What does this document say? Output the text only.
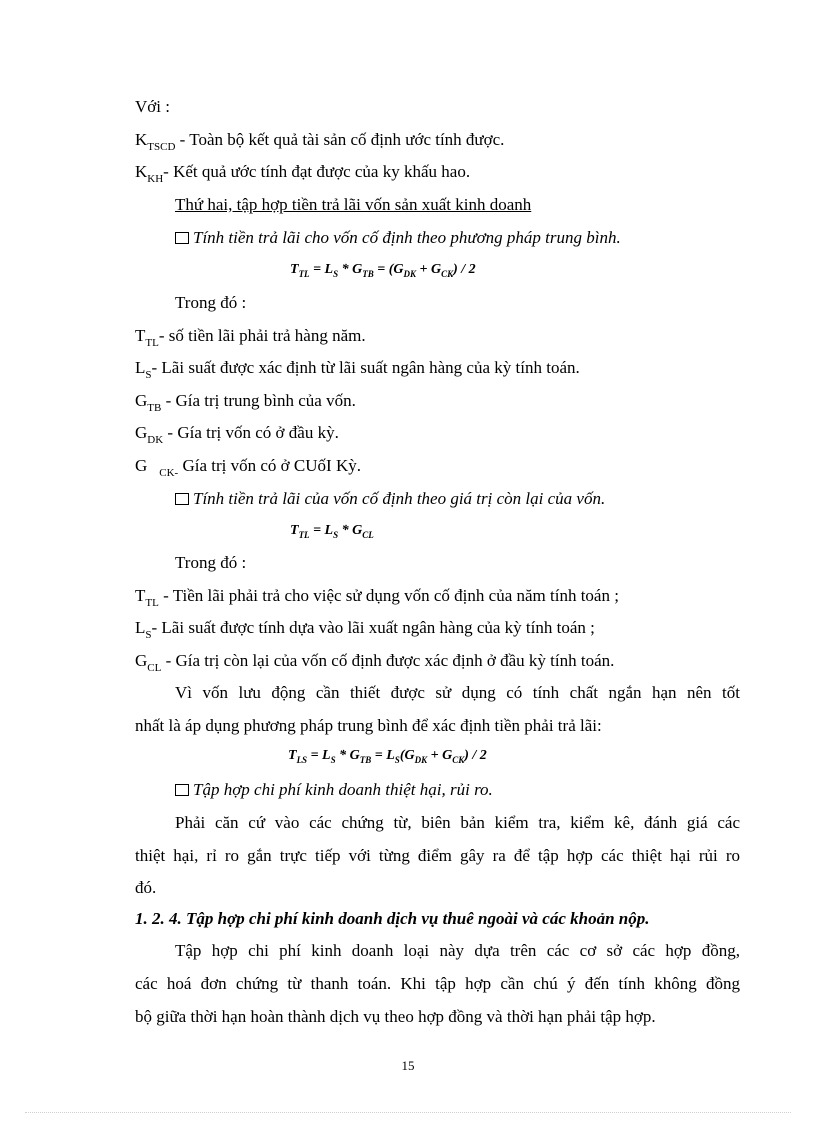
Với :
$K_{TSCD}$ - Toàn bộ kết quả tài sản cố định ước tính được.
$K_{KH}-$ Kết quả ước tính đạt được của ky khấu hao.
Thứ hai, tập hợp tiền trả lãi vốn sản xuất kinh doanh
Tính tiền trả lãi cho vốn cố định theo phương pháp trung bình.
$T_{TL} = L_S * G_{TB} = (G_{DK} + G_{CK}) / 2$
Trong đó :
$T_{TL}-$ số tiền lãi phải trả hàng năm.
$L_S-$ Lãi suất được xác định từ lãi suất ngân hàng của kỳ tính toán.
$G_{TB}$ - Gía trị trung bình của vốn.
$G_{DK}$ - Gía trị vốn có ở đầu kỳ.
G $_{CK-}$ Gía trị vốn có ở CUốI Kỳ.
Tính tiền trả lãi của vốn cố định theo giá trị còn lại của vốn.
$T_{TL} = L_S * G_{CL}$
Trong đó :
$T_{TL}$ - Tiền lãi phải trả cho việc sử dụng vốn cố định của năm tính toán ;
$L_S-$ Lãi suất được tính dựa vào lãi xuất ngân hàng của kỳ tính toán ;
$G_{CL}$ - Gía trị còn lại của vốn cố định được xác định ở đầu kỳ tính toán.
Vì vốn lưu động cần thiết được sử dụng có tính chất ngắn hạn nên tốt
nhất là áp dụng phương pháp trung bình để xác định tiền phải trả lãi:
$T_{LS} = L_S * G_{TB} = L_S(G_{DK} + G_{CK}) / 2$
Tập hợp chi phí kinh doanh thiệt hại, rủi ro.
Phải căn cứ vào các chứng từ, biên bản kiểm tra, kiểm kê, đánh giá các
thiệt hại, rỉ ro gắn trực tiếp với từng điểm gây ra để tập hợp các thiệt hại rủi ro
đó.
1. 2. 4. Tập hợp chi phí kinh doanh dịch vụ thuê ngoài và các khoản nộp.
Tập hợp chi phí kinh doanh loại này dựa trên các cơ sở các hợp đồng,
các hoá đơn chứng từ thanh toán. Khi tập hợp cần chú ý đến tính không đồng
bộ giữa thời hạn hoàn thành dịch vụ theo hợp đồng và thời hạn phải tập hợp.
15
